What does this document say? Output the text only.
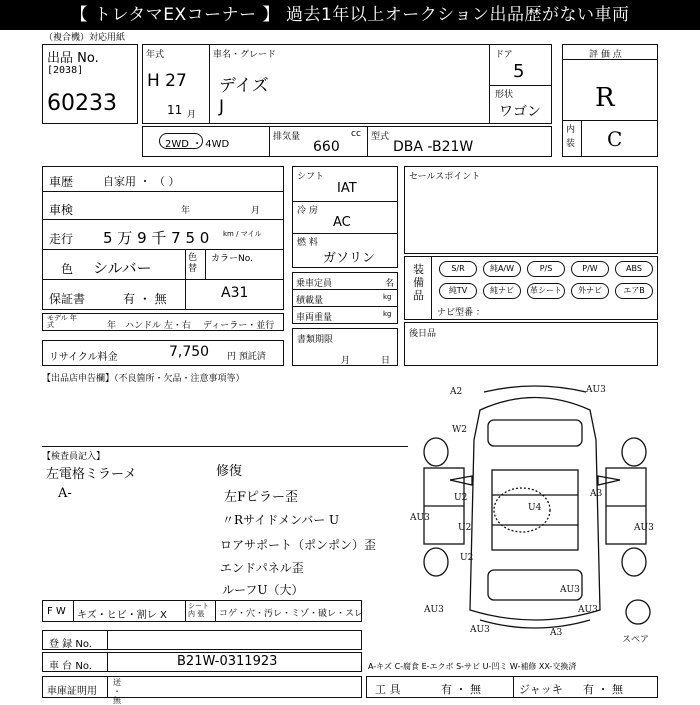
【 トレタマEXコーナー 】 過去1年以上オークション出品歴がない車両
（複合機）対応用紙
出品 No.
[2038]
60233
年式
H 27
11 月
車名・グレード
デイズ
J
ドア
5
形状
ワゴン
評 価 点
R
内
装 C
2WD ・ 4WD
排気量	cc
660
型式
DBA -B21W
車歴	自家用 ・ （ ）
車検	年	月
走行 5 万 9 千 7 5 0 km / マイル
色 シルバー
色 替
カラーNo.
保証書	有 ・ 無	A31
モデル 年式	年 ハンドル 左・右 ディーラー・並行
リサイクル料金	7,750 円 預託済
シフト
IAT
冷 房
AC
燃 料
ガソリン
乗車定員	名
積載量	kg
車両重量	kg
書類期限
月	日
セールスポイント
装 備 品
S/R	純A/W	P/S	P/W	ABS
純TV	純ナビ	革シート	外ナビ	エアB
ナビ型番 ：
後日品
【出品店申告欄】（不良箇所・欠品・注意事項等）
【検査員記入】
左電格ミラーメ
A-
修復
左Fピラー歪
〃Rサイドメンバー U
ロアサポート（ポンポン）歪
エンドパネル歪
ルーフU（大）
A2	AU3
W2
U2	A3
U2
U4
AU3
AU3
U2
AU3
AU3
AU3
AU3
A3
スペア
F W キズ・ヒビ・割レ X
シート 内 張	コゲ・穴・汚レ・ミゾ・破レ・スレ
登 録 No.
車 台 No.	B21W-0311923	A-キズ C-腐食 E-エクボ S-サビ U-凹ミ W-補修 XX-交換済
車庫証明用
送 ・ 無
工 具	有 ・ 無	ジャッキ 有 ・ 無
